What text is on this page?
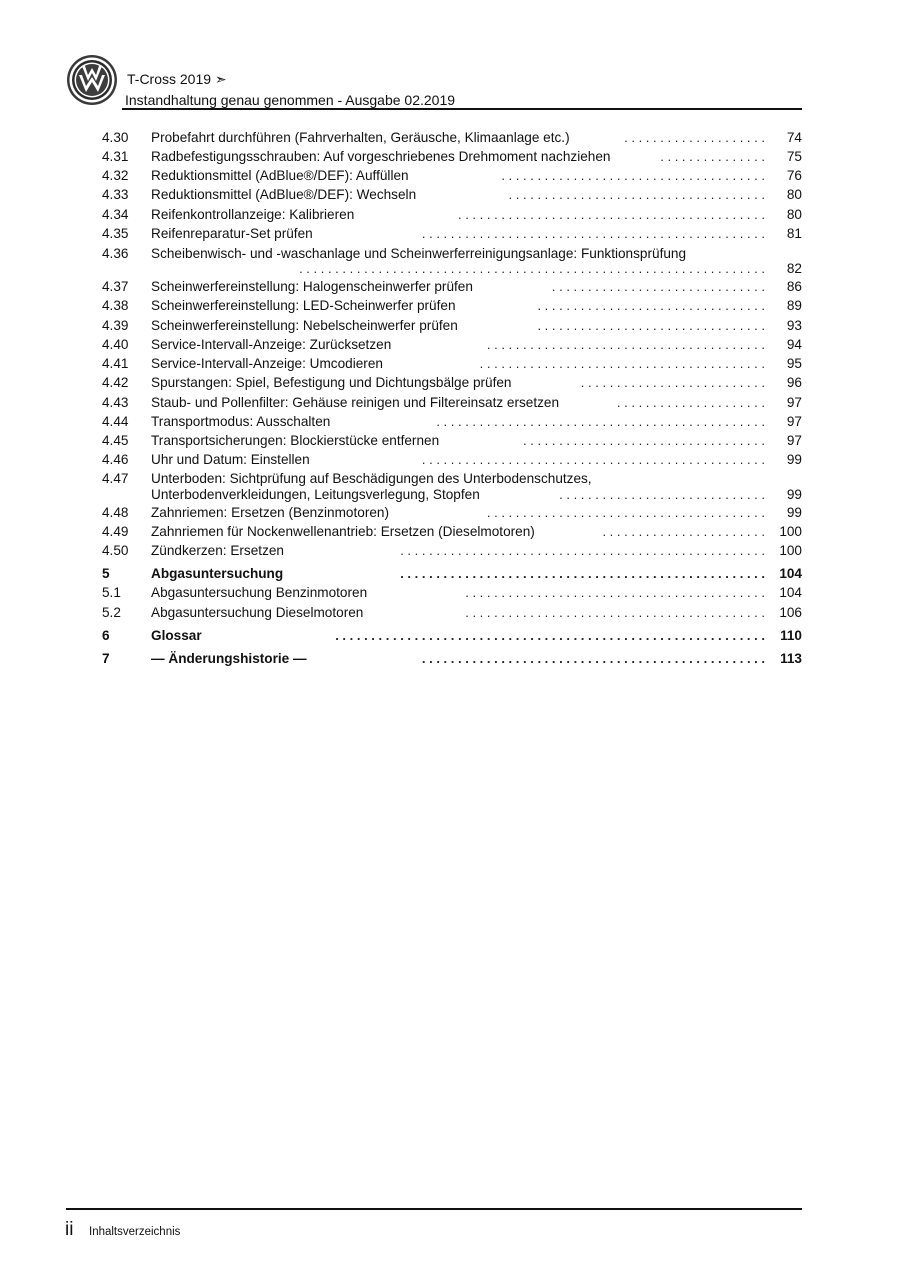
T-Cross 2019 ➣
Instandhaltung genau genommen - Ausgabe 02.2019
4.30 Probefahrt durchführen (Fahrverhalten, Geräusche, Klimaanlage etc.)	. . . . . . . . . . . . . . . . . . . . 74
4.31 Radbefestigungsschrauben: Auf vorgeschriebenes Drehmoment nachziehen	. . . . . . . . . . . . . . . 75
4.32 Reduktionsmittel (AdBlue®/DEF): Auffüllen	. . . . . . . . . . . . . . . . . . . . . . . . . . . . . . . . . . . . . 76
4.33 Reduktionsmittel (AdBlue®/DEF): Wechseln	. . . . . . . . . . . . . . . . . . . . . . . . . . . . . . . . . . . . 80
4.34 Reifenkontrollanzeige: Kalibrieren	. . . . . . . . . . . . . . . . . . . . . . . . . . . . . . . . . . . . . . . . . . . 80
4.35 Reifenreparatur-Set prüfen	. . . . . . . . . . . . . . . . . . . . . . . . . . . . . . . . . . . . . . . . . . . . . . . . 81
4.36 Scheibenwisch- und -waschanlage und Scheinwerferreinigungsanlage: Funktionsprüfung
. . . . . . . . . . . . . . . . . . . . . . . . . . . . . . . . . . . . . . . . . . . . . . . . . . . . . . . . . . . . . . . . . 82
4.37 Scheinwerfereinstellung: Halogenscheinwerfer prüfen	. . . . . . . . . . . . . . . . . . . . . . . . . . . . . . 86
4.38 Scheinwerfereinstellung: LED-Scheinwerfer prüfen	. . . . . . . . . . . . . . . . . . . . . . . . . . . . . . . . 89
4.39 Scheinwerfereinstellung: Nebelscheinwerfer prüfen	. . . . . . . . . . . . . . . . . . . . . . . . . . . . . . . . 93
4.40 Service-Intervall-Anzeige: Zurücksetzen	. . . . . . . . . . . . . . . . . . . . . . . . . . . . . . . . . . . . . . . 94
4.41 Service-Intervall-Anzeige: Umcodieren	. . . . . . . . . . . . . . . . . . . . . . . . . . . . . . . . . . . . . . . . 95
4.42 Spurstangen: Spiel, Befestigung und Dichtungsbälge prüfen	. . . . . . . . . . . . . . . . . . . . . . . . . . 96
4.43 Staub- und Pollenfilter: Gehäuse reinigen und Filtereinsatz ersetzen	. . . . . . . . . . . . . . . . . . . . . 97
4.44 Transportmodus: Ausschalten	. . . . . . . . . . . . . . . . . . . . . . . . . . . . . . . . . . . . . . . . . . . . . . 97
4.45 Transportsicherungen: Blockierstücke entfernen	. . . . . . . . . . . . . . . . . . . . . . . . . . . . . . . . . . 97
4.46 Uhr und Datum: Einstellen	. . . . . . . . . . . . . . . . . . . . . . . . . . . . . . . . . . . . . . . . . . . . . . . . 99
4.47 Unterboden: Sichtprüfung auf Beschädigungen des Unterbodenschutzes,
Unterbodenverkleidungen, Leitungsverlegung, Stopfen	. . . . . . . . . . . . . . . . . . . . . . . . . . . . . 99
4.48 Zahnriemen: Ersetzen (Benzinmotoren)	. . . . . . . . . . . . . . . . . . . . . . . . . . . . . . . . . . . . . . . 99
4.49 Zahnriemen für Nockenwellenantrieb: Ersetzen (Dieselmotoren)	. . . . . . . . . . . . . . . . . . . . . . . 100
4.50 Zündkerzen: Ersetzen	. . . . . . . . . . . . . . . . . . . . . . . . . . . . . . . . . . . . . . . . . . . . . . . . . . . 100
5	Abgasuntersuchung	. . . . . . . . . . . . . . . . . . . . . . . . . . . . . . . . . . . . . . . . . . . . . . . . . . . 104
5.1 Abgasuntersuchung Benzinmotoren	. . . . . . . . . . . . . . . . . . . . . . . . . . . . . . . . . . . . . . . . . . 104
5.2 Abgasuntersuchung Dieselmotoren	. . . . . . . . . . . . . . . . . . . . . . . . . . . . . . . . . . . . . . . . . . 106
6	Glossar	. . . . . . . . . . . . . . . . . . . . . . . . . . . . . . . . . . . . . . . . . . . . . . . . . . . . . . . . . . . . 110
7	— Änderungshistorie —	. . . . . . . . . . . . . . . . . . . . . . . . . . . . . . . . . . . . . . . . . . . . . . . . 113
ii Inhaltsverzeichnis
